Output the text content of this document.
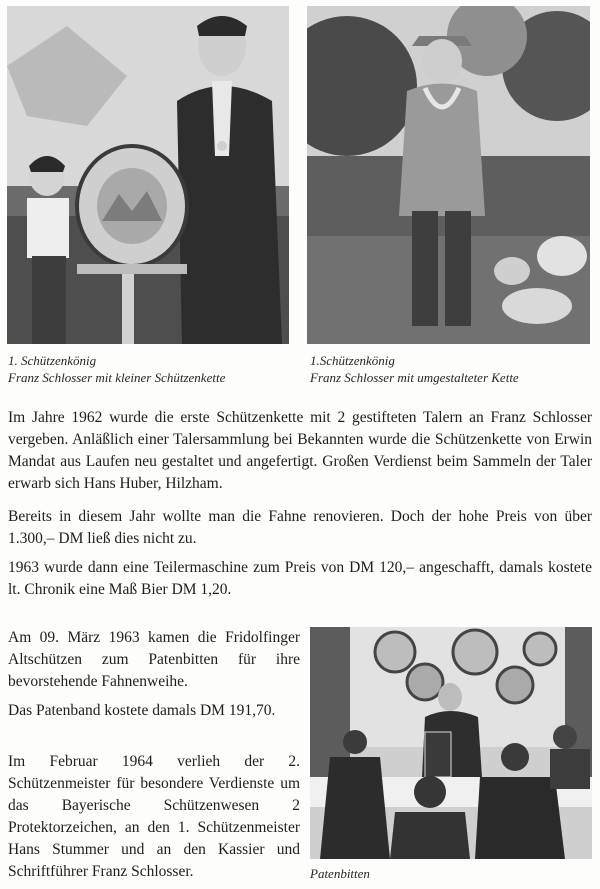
1. Schützenkönig
Franz Schlosser mit kleiner Schützenkette
1.Schützenkönig
Franz Schlosser mit umgestalteter Kette

Im Jahre 1962 wurde die erste Schützenkette mit 2 gestifteten Talern an Franz Schlosser vergeben. Anläßlich einer Talersammlung bei Bekannten wurde die Schützenkette von Erwin Mandat aus Laufen neu gestaltet und angefertigt. Großen Verdienst beim Sammeln der Taler erwarb sich Hans Huber, Hilzham.

Bereits in diesem Jahr wollte man die Fahne renovieren. Doch der hohe Preis von über 1.300,– DM ließ dies nicht zu.

1963 wurde dann eine Teilermaschine zum Preis von DM 120,– angeschafft, damals kostete lt. Chronik eine Maß Bier DM 1,20.

Am 09. März 1963 kamen die Fridolfinger Altschützen zum Patenbitten für ihre bevorstehende Fahnenweihe.

Das Patenband kostete damals DM 191,70.

Im Februar 1964 verlieh der 2. Schützenmeister für besondere Verdienste um das Bayerische Schützenwesen 2 Protektorzeichen, an den 1. Schützenmeister Hans Stummer und an den Kassier und Schriftführer Franz Schlosser.	Patenbitten
